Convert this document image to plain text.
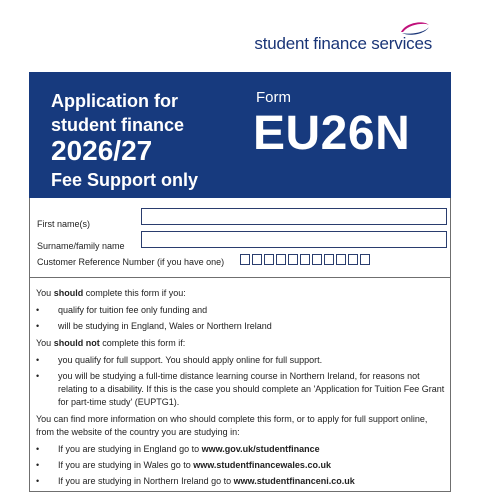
student finance services
Application for student finance
2026/27
Fee Support only
Form
EU26N
First name(s)
Surname/family name
Customer Reference Number (if you have one)

You should complete this form if you:

• qualify for tuition fee only funding and
• will be studying in England, Wales or Northern Ireland

You should not complete this form if:

• you qualify for full support. You should apply online for full support.
• you will be studying a full-time distance learning course in Northern Ireland, for reasons not relating to a disability. If this is the case you should complete an 'Application for Tuition Fee Grant for part-time study' (EUPTG1).

You can find more information on who should complete this form, or to apply for full support online, from the website of the country you are studying in:

• If you are studying in England go to www.gov.uk/studentfinance
• If you are studying in Wales go to www.studentfinancewales.co.uk
• If you are studying in Northern Ireland go to www.studentfinanceni.co.uk
